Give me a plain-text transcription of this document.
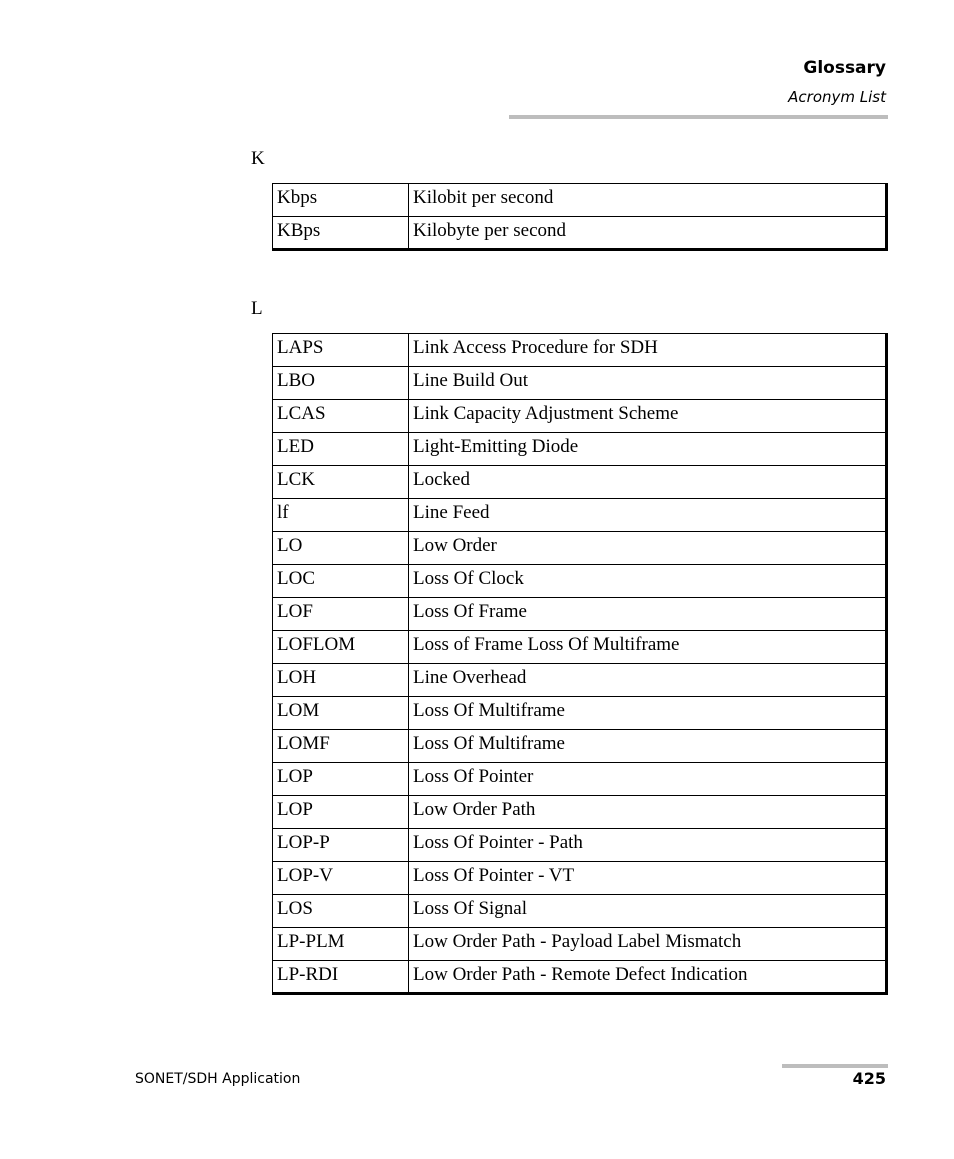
Glossary
Acronym List
K
Kbps	Kilobit per second
KBps	Kilobyte per second
L
LAPS	Link Access Procedure for SDH
LBO	Line Build Out
LCAS	Link Capacity Adjustment Scheme
LED	Light-Emitting Diode
LCK	Locked
lf	Line Feed
LO	Low Order
LOC	Loss Of Clock
LOF	Loss Of Frame
LOFLOM	Loss of Frame Loss Of Multiframe
LOH	Line Overhead
LOM	Loss Of Multiframe
LOMF	Loss Of Multiframe
LOP	Loss Of Pointer
LOP	Low Order Path
LOP-P	Loss Of Pointer - Path
LOP-V	Loss Of Pointer - VT
LOS	Loss Of Signal
LP-PLM	Low Order Path - Payload Label Mismatch
LP-RDI	Low Order Path - Remote Defect Indication
SONET/SDH Application	425
